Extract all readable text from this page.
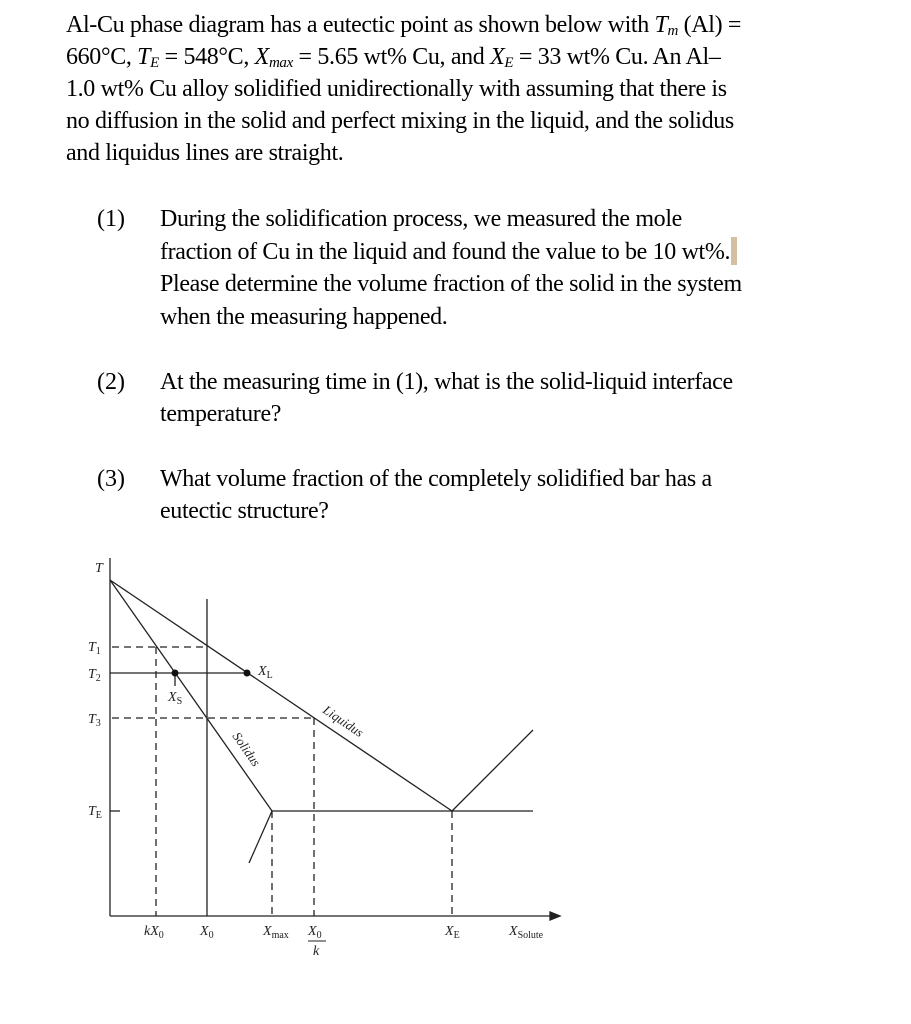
Al-Cu phase diagram has a eutectic point as shown below with $T_m$ (Al) =
660°C, $T_E = 548^\circ C$, $X_{max} = 5.65$ wt% Cu, and $X_E = 33$ wt% Cu. An Al–
1.0 wt% Cu alloy solidified unidirectionally with assuming that there is
no diffusion in the solid and perfect mixing in the liquid, and the solidus
and liquidus lines are straight.
(1) During the solidification process, we measured the mole
fraction of Cu in the liquid and found the value to be 10 wt%.
Please determine the volume fraction of the solid in the system
when the measuring happened.
(2) At the measuring time in (1), what is the solid-liquid interface
temperature?
(3) What volume fraction of the completely solidified bar has a
eutectic structure?
T
$T_1$
$T_2$
$T_3$
$T_E$
$X_S$
$X_L$
Solidus
Liquidus
$kX_0$	$X_0$	$X_{max}$ $X_0$
k
$X_E$	$X_{Solute}$
